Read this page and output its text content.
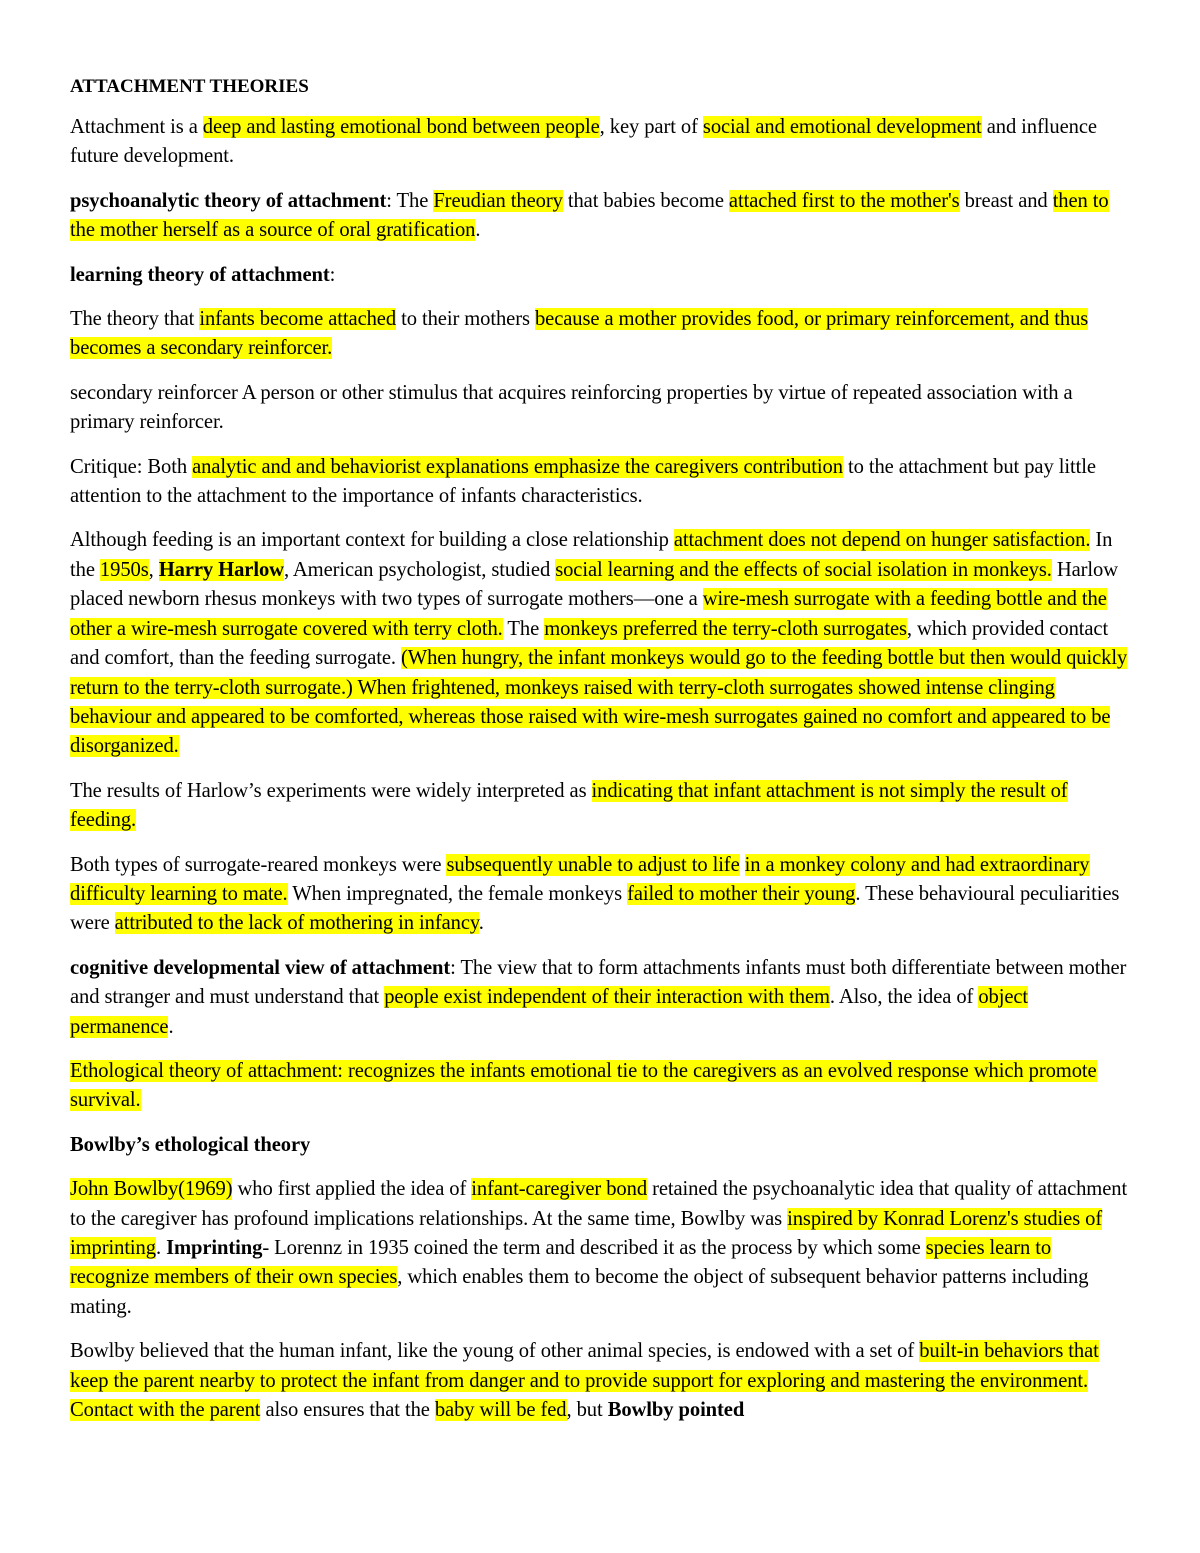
ATTACHMENT THEORIES

Attachment is a deep and lasting emotional bond between people, key part of social and emotional development and influence future development.

psychoanalytic theory of attachment: The Freudian theory that babies become attached first to the mother's breast and then to the mother herself as a source of oral gratification.

learning theory of attachment:

The theory that infants become attached to their mothers because a mother provides food, or primary reinforcement, and thus becomes a secondary reinforcer.

secondary reinforcer A person or other stimulus that acquires reinforcing properties by virtue of repeated association with a primary reinforcer.

Critique: Both analytic and and behaviorist explanations emphasize the caregivers contribution to the attachment but pay little attention to the attachment to the importance of infants characteristics.

Although feeding is an important context for building a close relationship attachment does not depend on hunger satisfaction. In the 1950s, Harry Harlow, American psychologist, studied social learning and the effects of social isolation in monkeys. Harlow placed newborn rhesus monkeys with two types of surrogate mothers—one a wire-mesh surrogate with a feeding bottle and the other a wire-mesh surrogate covered with terry cloth. The monkeys preferred the terry-cloth surrogates, which provided contact and comfort, than the feeding surrogate. (When hungry, the infant monkeys would go to the feeding bottle but then would quickly return to the terry-cloth surrogate.) When frightened, monkeys raised with terry-cloth surrogates showed intense clinging behaviour and appeared to be comforted, whereas those raised with wire-mesh surrogates gained no comfort and appeared to be disorganized.

The results of Harlow’s experiments were widely interpreted as indicating that infant attachment is not simply the result of feeding.

Both types of surrogate-reared monkeys were subsequently unable to adjust to life in a monkey colony and had extraordinary difficulty learning to mate. When impregnated, the female monkeys failed to mother their young. These behavioural peculiarities were attributed to the lack of mothering in infancy.

cognitive developmental view of attachment: The view that to form attachments infants must both differentiate between mother and stranger and must understand that people exist independent of their interaction with them. Also, the idea of object permanence.

Ethological theory of attachment: recognizes the infants emotional tie to the caregivers as an evolved response which promote survival.

Bowlby’s ethological theory

John Bowlby(1969) who first applied the idea of infant-caregiver bond retained the psychoanalytic idea that quality of attachment to the caregiver has profound implications relationships. At the same time, Bowlby was inspired by Konrad Lorenz's studies of imprinting. Imprinting- Lorennz in 1935 coined the term and described it as the process by which some species learn to recognize members of their own species, which enables them to become the object of subsequent behavior patterns including mating.

Bowlby believed that the human infant, like the young of other animal species, is endowed with a set of built-in behaviors that keep the parent nearby to protect the infant from danger and to provide support for exploring and mastering the environment. Contact with the parent also ensures that the baby will be fed, but Bowlby pointed
